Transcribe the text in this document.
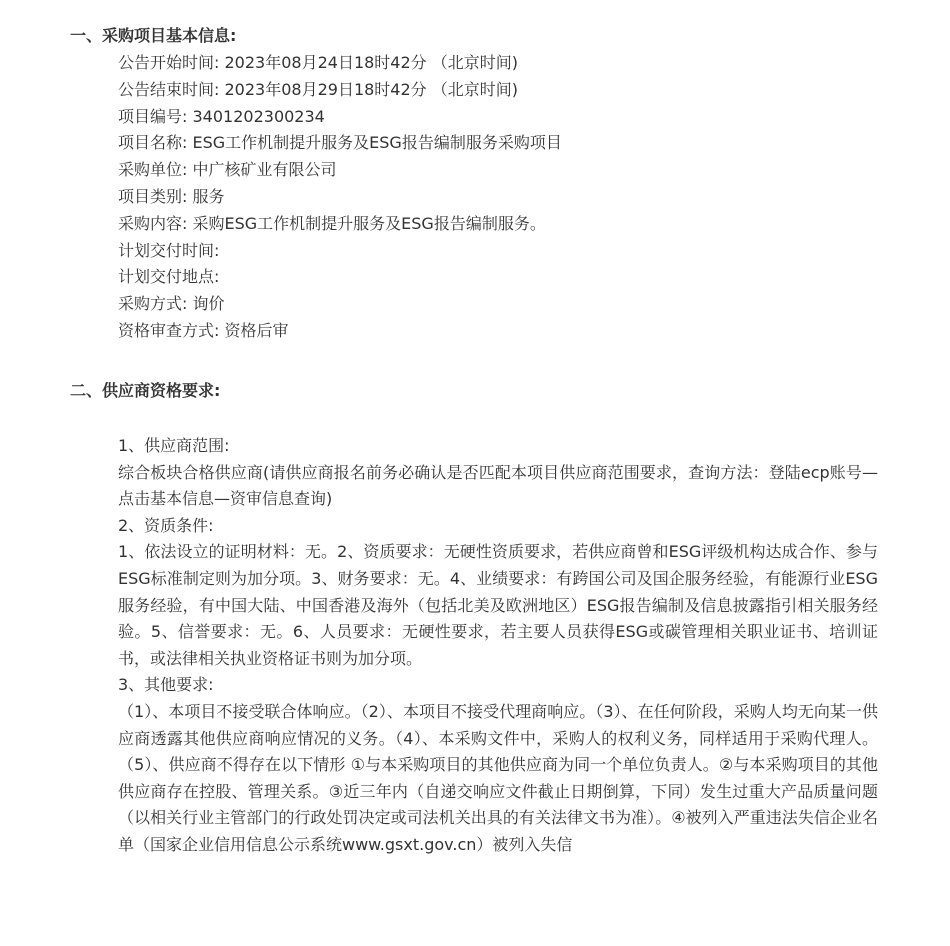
一、采购项目基本信息:
公告开始时间: 2023年08月24日18时42分 （北京时间)
公告结束时间: 2023年08月29日18时42分 （北京时间)
项目编号: 3401202300234
项目名称: ESG工作机制提升服务及ESG报告编制服务采购项目
采购单位: 中广核矿业有限公司
项目类别: 服务
采购内容: 采购ESG工作机制提升服务及ESG报告编制服务。
计划交付时间:
计划交付地点:
采购方式: 询价
资格审查方式: 资格后审
二、供应商资格要求:

1、供应商范围:

综合板块合格供应商(请供应商报名前务必确认是否匹配本项目供应商范围要求，查询方法：登陆ecp账号—点击基本信息—资审信息查询)

2、资质条件:

1、依法设立的证明材料：无。2、资质要求：无硬性资质要求，若供应商曾和ESG评级机构达成合作、参与ESG标准制定则为加分项。3、财务要求：无。4、业绩要求：有跨国公司及国企服务经验，有能源行业ESG服务经验，有中国大陆、中国香港及海外（包括北美及欧洲地区）ESG报告编制及信息披露指引相关服务经验。5、信誉要求：无。6、人员要求：无硬性要求，若主要人员获得ESG或碳管理相关职业证书、培训证书，或法律相关执业资格证书则为加分项。

3、其他要求:

（1）、本项目不接受联合体响应。（2）、本项目不接受代理商响应。（3）、在任何阶段，采购人均无向某一供应商透露其他供应商响应情况的义务。（4）、本采购文件中，采购人的权利义务，同样适用于采购代理人。（5）、供应商不得存在以下情形 ①与本采购项目的其他供应商为同一个单位负责人。②与本采购项目的其他供应商存在控股、管理关系。③近三年内（自递交响应文件截止日期倒算，下同）发生过重大产品质量问题（以相关行业主管部门的行政处罚决定或司法机关出具的有关法律文书为准）。④被列入严重违法失信企业名单（国家企业信用信息公示系统www.gsxt.gov.cn）被列入失信
